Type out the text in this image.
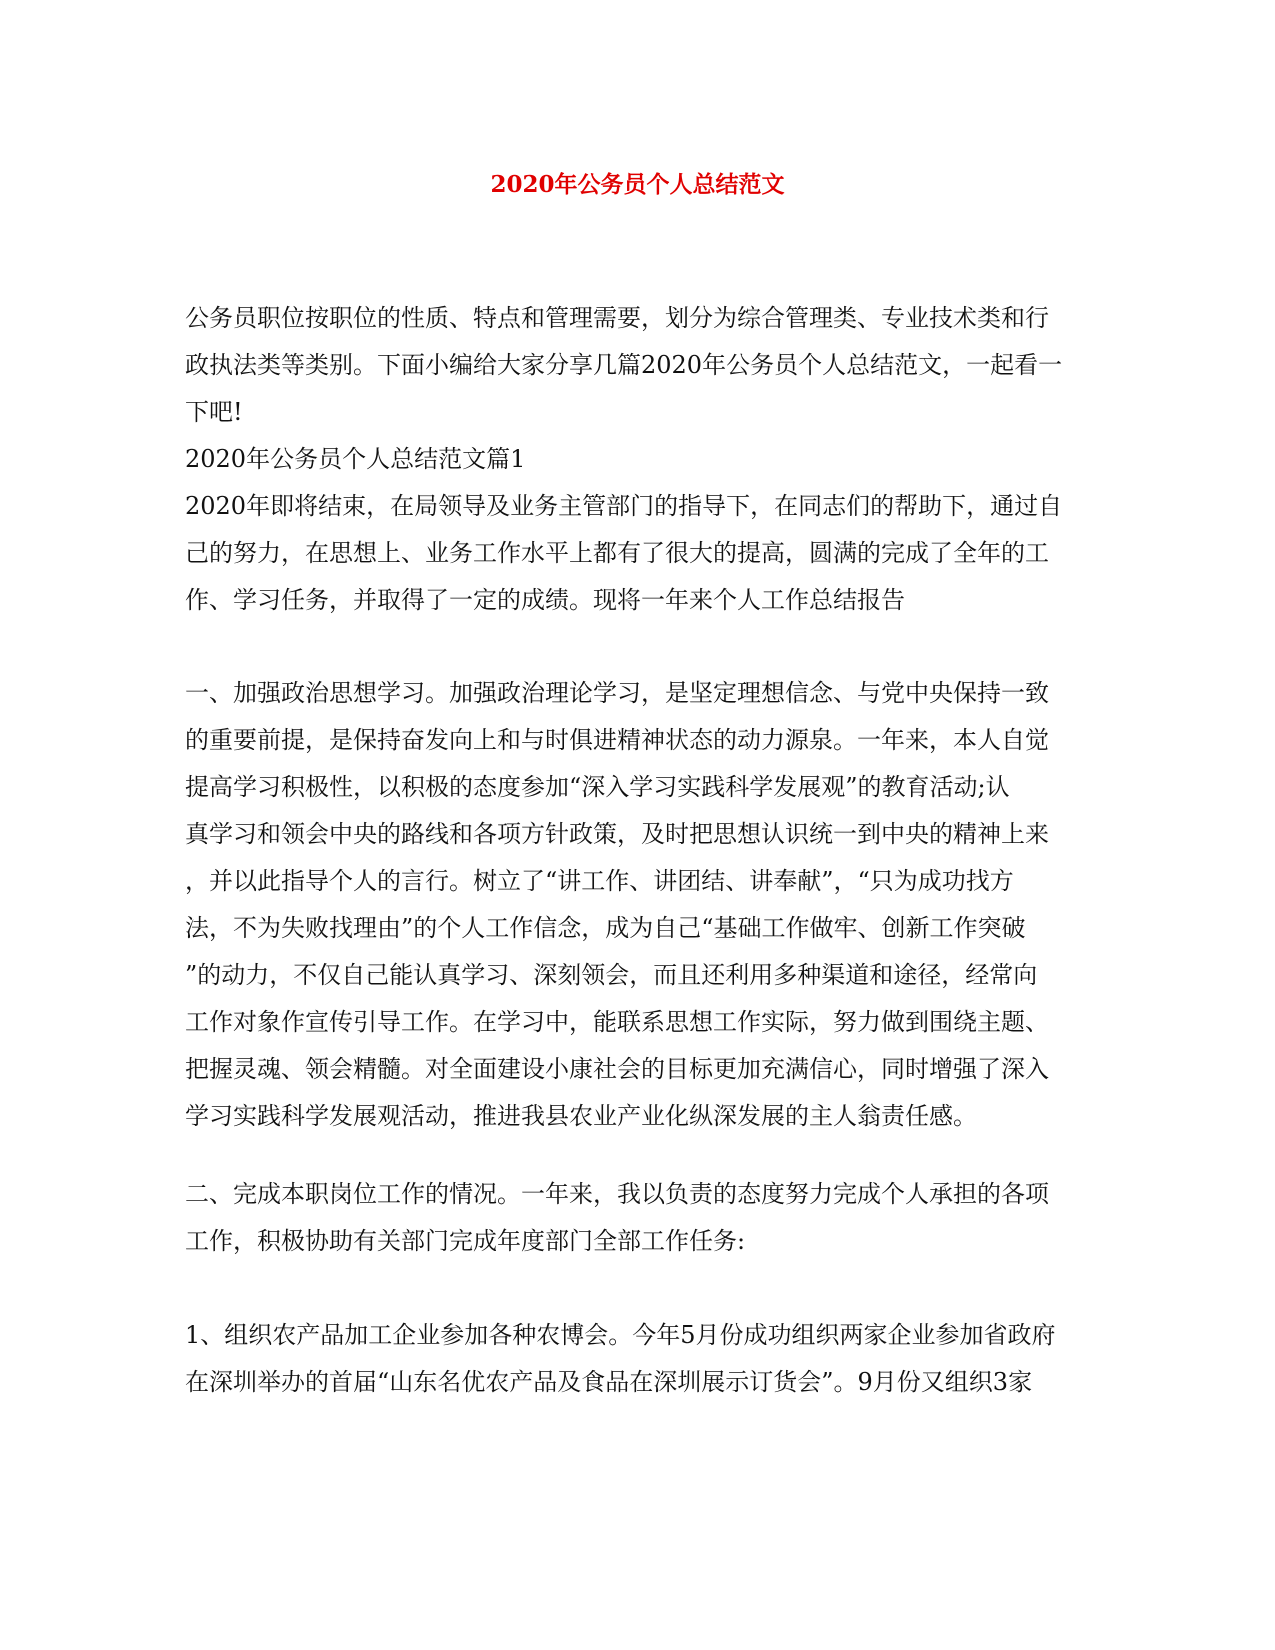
2020年公务员个人总结范文
公务员职位按职位的性质、特点和管理需要，划分为综合管理类、专业技术类和行
政执法类等类别。下面小编给大家分享几篇2020年公务员个人总结范文，一起看一
下吧!
2020年公务员个人总结范文篇1
2020年即将结束，在局领导及业务主管部门的指导下，在同志们的帮助下，通过自
己的努力，在思想上、业务工作水平上都有了很大的提高，圆满的完成了全年的工
作、学习任务，并取得了一定的成绩。现将一年来个人工作总结报告
一、加强政治思想学习。加强政治理论学习，是坚定理想信念、与党中央保持一致
的重要前提，是保持奋发向上和与时俱进精神状态的动力源泉。一年来，本人自觉
提高学习积极性，以积极的态度参加“深入学习实践科学发展观”的教育活动;认
真学习和领会中央的路线和各项方针政策，及时把思想认识统一到中央的精神上来
，并以此指导个人的言行。树立了“讲工作、讲团结、讲奉献”，“只为成功找方
法，不为失败找理由”的个人工作信念，成为自己“基础工作做牢、创新工作突破
”的动力，不仅自己能认真学习、深刻领会，而且还利用多种渠道和途径，经常向
工作对象作宣传引导工作。在学习中，能联系思想工作实际，努力做到围绕主题、
把握灵魂、领会精髓。对全面建设小康社会的目标更加充满信心，同时增强了深入
学习实践科学发展观活动，推进我县农业产业化纵深发展的主人翁责任感。
二、完成本职岗位工作的情况。一年来，我以负责的态度努力完成个人承担的各项
工作，积极协助有关部门完成年度部门全部工作任务:
1、组织农产品加工企业参加各种农博会。今年5月份成功组织两家企业参加省政府
在深圳举办的首届“山东名优农产品及食品在深圳展示订货会”。9月份又组织3家
